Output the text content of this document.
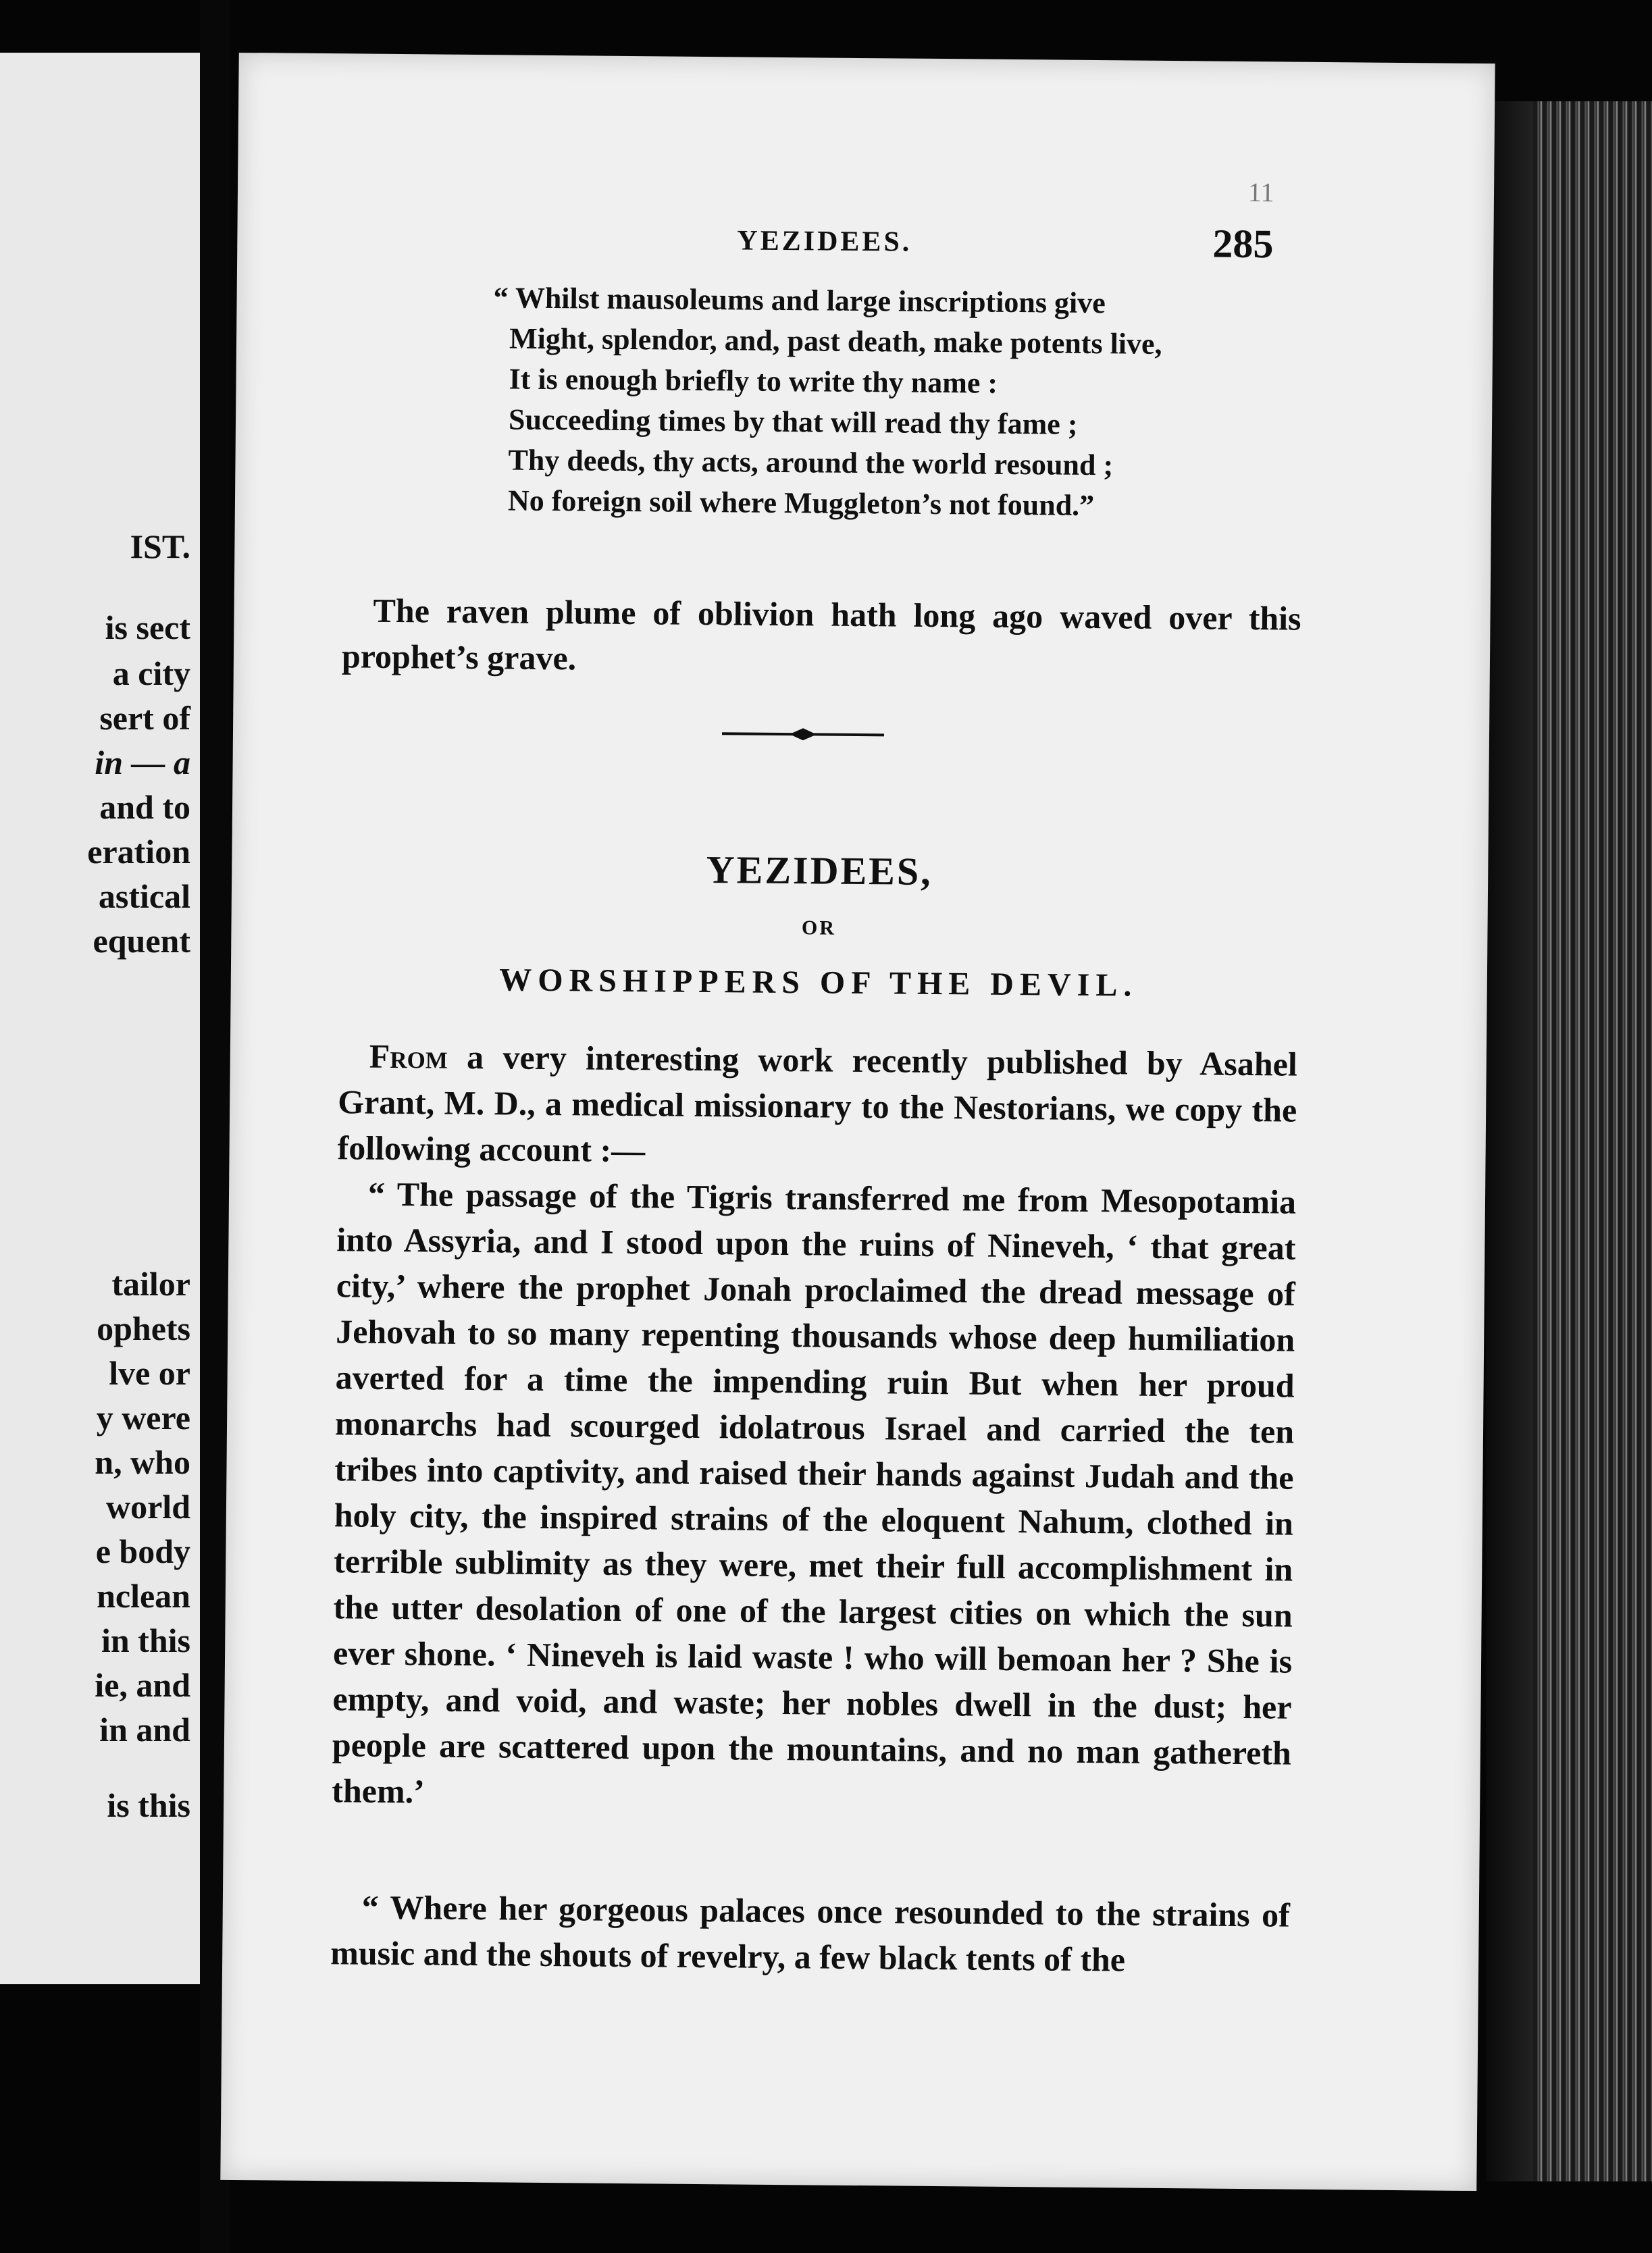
IST.
is sect
a city
sert of
in — a
and to
eration
astical
equent
tailor
ophets
lve or
y were
n, who
world
e body
nclean
in this
ie, and
in and
is this
11
YEZIDEES.	285
“ Whilst mausoleums and large inscriptions give
Might, splendor, and, past death, make potents live,
It is enough briefly to write thy name :
Succeeding times by that will read thy fame ;
Thy deeds, thy acts, around the world resound ;
No foreign soil where Muggleton’s not found.”
The raven plume of oblivion hath long ago waved over this prophet’s grave.
YEZIDEES,
OR
WORSHIPPERS OF THE DEVIL.
From a very interesting work recently published by Asahel Grant, M. D., a medical missionary to the Nestorians, we copy the following account :—
“ The passage of the Tigris transferred me from Mesopotamia into Assyria, and I stood upon the ruins of Nineveh, ‘ that great city,’ where the prophet Jonah proclaimed the dread message of Jehovah to so many repenting thousands whose deep humiliation averted for a time the impending ruin But when her proud monarchs had scourged idolatrous Israel and carried the ten tribes into captivity, and raised their hands against Judah and the holy city, the inspired strains of the eloquent Nahum, clothed in terrible sublimity as they were, met their full accomplishment in the utter desolation of one of the largest cities on which the sun ever shone. ‘ Nineveh is laid waste ! who will bemoan her ? She is empty, and void, and waste; her nobles dwell in the dust; her people are scattered upon the mountains, and no man gathereth them.’
“ Where her gorgeous palaces once resounded to the strains of music and the shouts of revelry, a few black tents of the
